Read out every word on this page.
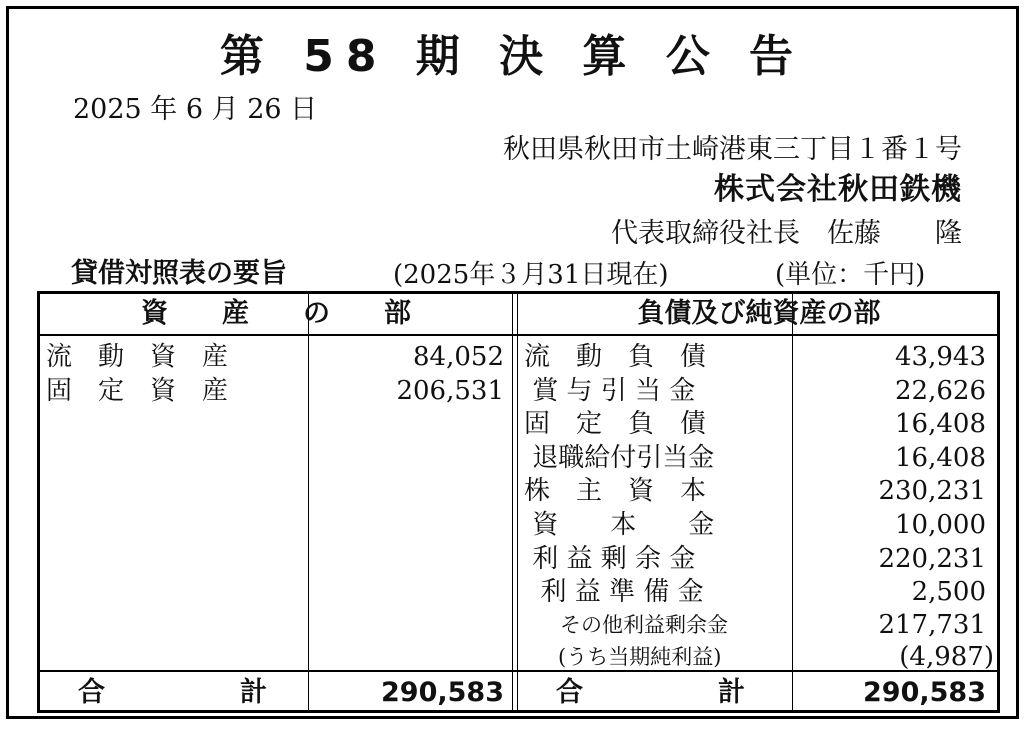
第 58 期 決 算 公 告
2025 年 6 月 26 日
秋田県秋田市土崎港東三丁目１番１号
株式会社秋田鉄機
代表取締役社長　佐藤　　隆
貸借対照表の要旨	(2025年３月31日現在)	(単位：千円)
資　　産　　の　　部	負債及び純資産の部
流　動　資　産	84,052
固　定　資　産	206,531
流　動　負　債	43,943
賞 与 引 当 金	22,626
固　定　負　債	16,408
退職給付引当金	16,408
株　主　資　本	230,231
資　　本　　金	10,000
利 益 剰 余 金	220,231
利 益 準 備 金	2,500
その他利益剰余金	217,731
(うち当期純利益)	(4,987)
合　　　　　計	290,583 合　　　　　計	290,583
